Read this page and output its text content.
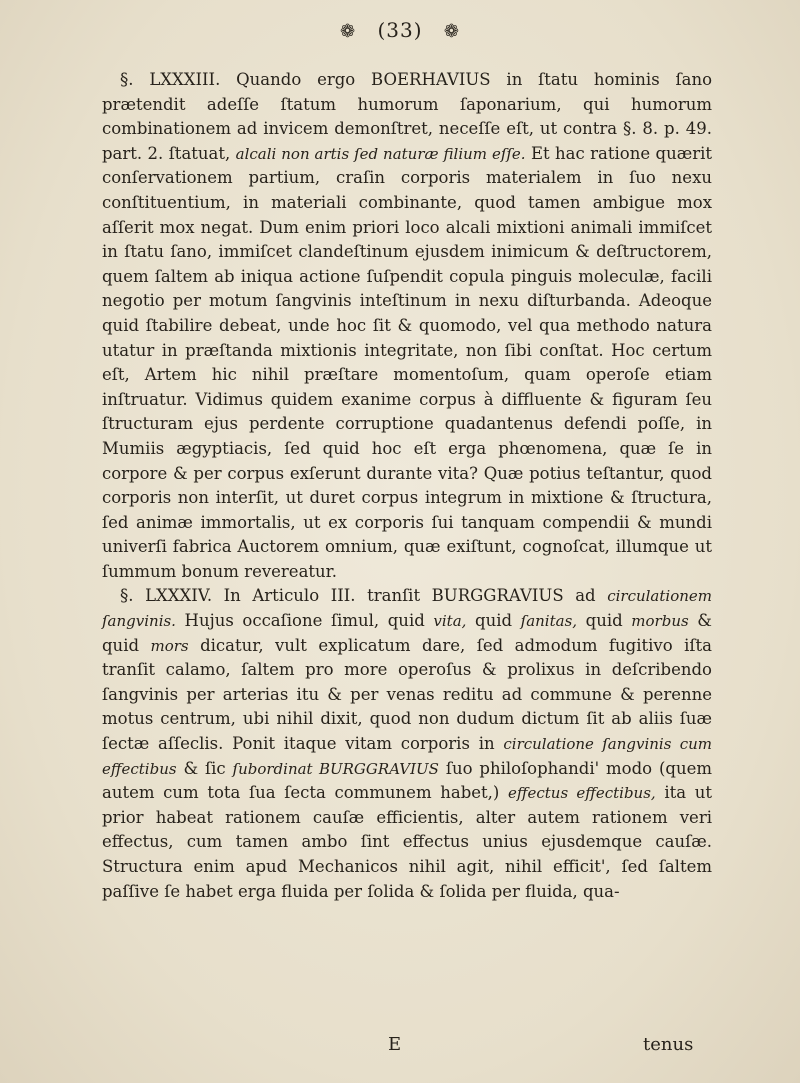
❁ (33) ❁

§. LXXXIII. Quando ergo BOERHAVIUS in ſtatu hominis ſano prætendit adeſſe ſtatum humorum ſaponarium, qui humorum combinationem ad invicem demonſtret, neceſſe eſt, ut contra §. 8. p. 49. part. 2. ſtatuat, alcali non artis ſed naturæ filium eſſe. Et hac ratione quærit conſervationem partium, craſin corporis materialem in ſuo nexu conſtituentium, in materiali combinante, quod tamen ambigue mox aſſerit mox negat. Dum enim priori loco alcali mixtioni animali immiſcet in ſtatu ſano, immiſcet clandeſtinum ejusdem inimicum & deſtructorem, quem ſaltem ab iniqua actione ſuſpendit copula pinguis moleculæ, facili negotio per motum ſangvinis inteſtinum in nexu diſturbanda. Adeoque quid ſtabilire debeat, unde hoc ſit & quomodo, vel qua methodo natura utatur in præſtanda mixtionis integritate, non ſibi conſtat. Hoc certum eſt, Artem hic nihil præſtare momentoſum, quam operoſe etiam inſtruatur. Vidimus quidem exanime corpus à diffluente & figuram ſeu ſtructuram ejus perdente corruptione quadantenus defendi poſſe, in Mumiis ægyptiacis, ſed quid hoc eſt erga phœnomena, quæ ſe in corpore & per corpus exſerunt durante vita? Quæ potius teſtantur, quod corporis non interſit, ut duret corpus integrum in mixtione & ſtructura, ſed animæ immortalis, ut ex corporis ſui tanquam compendii & mundi univerſi fabrica Auctorem omnium, quæ exiſtunt, cognoſcat, illumque ut ſummum bonum revereatur.

§. LXXXIV. In Articulo III. tranſit BURGGRAVIUS ad circulationem ſangvinis. Hujus occaſione ſimul, quid vita, quid ſanitas, quid morbus & quid mors dicatur, vult explicatum dare, ſed admodum fugitivo iſta tranſit calamo, ſaltem pro more operoſus & prolixus in deſcribendo ſangvinis per arterias itu & per venas reditu ad commune & perenne motus centrum, ubi nihil dixit, quod non dudum dictum ſit ab aliis ſuæ ſectæ aſſeclis. Ponit itaque vitam corporis in circulatione ſangvinis cum effectibus & ſic ſubordinat BURGGRAVIUS ſuo philoſophandi' modo (quem autem cum tota ſua ſecta communem habet,) effectus effectibus, ita ut prior habeat rationem cauſæ efficientis, alter autem rationem veri effectus, cum tamen ambo ſint effectus unius ejusdemque cauſæ. Structura enim apud Mechanicos nihil agit, nihil efficit', ſed ſaltem paſſive ſe habet erga fluida per ſolida & ſolida per fluida, qua-

E	tenus
